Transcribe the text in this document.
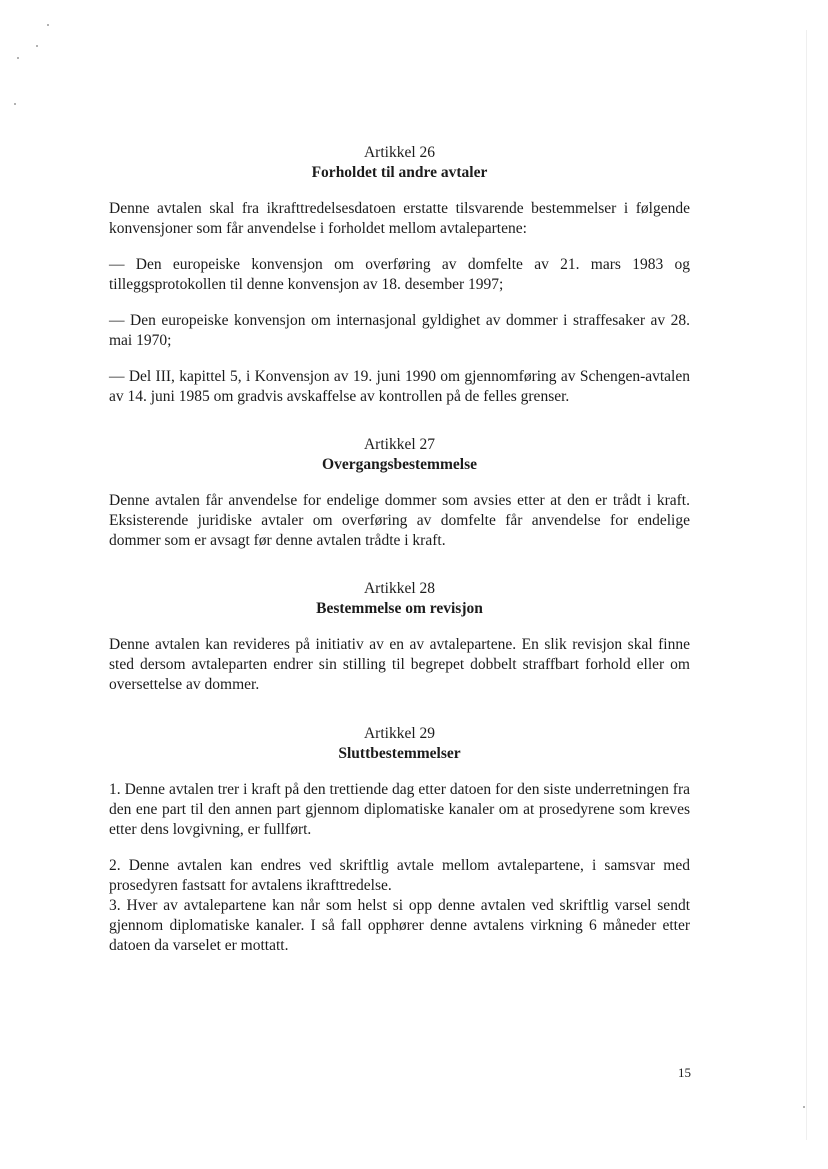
Artikkel 26

Forholdet til andre avtaler

Denne avtalen skal fra ikrafttredelsesdatoen erstatte tilsvarende bestemmelser i følgende konvensjoner som får anvendelse i forholdet mellom avtalepartene:

— Den europeiske konvensjon om overføring av domfelte av 21. mars 1983 og tilleggsprotokollen til denne konvensjon av 18. desember 1997;

— Den europeiske konvensjon om internasjonal gyldighet av dommer i straffesaker av 28. mai 1970;

— Del III, kapittel 5, i Konvensjon av 19. juni 1990 om gjennomføring av Schengen-avtalen av 14. juni 1985 om gradvis avskaffelse av kontrollen på de felles grenser.

Artikkel 27

Overgangsbestemmelse

Denne avtalen får anvendelse for endelige dommer som avsies etter at den er trådt i kraft. Eksisterende juridiske avtaler om overføring av domfelte får anvendelse for endelige dommer som er avsagt før denne avtalen trådte i kraft.

Artikkel 28

Bestemmelse om revisjon

Denne avtalen kan revideres på initiativ av en av avtalepartene. En slik revisjon skal finne sted dersom avtaleparten endrer sin stilling til begrepet dobbelt straffbart forhold eller om oversettelse av dommer.

Artikkel 29

Sluttbestemmelser

1. Denne avtalen trer i kraft på den trettiende dag etter datoen for den siste underretningen fra den ene part til den annen part gjennom diplomatiske kanaler om at prosedyrene som kreves etter dens lovgivning, er fullført.

2. Denne avtalen kan endres ved skriftlig avtale mellom avtalepartene, i samsvar med prosedyren fastsatt for avtalens ikrafttredelse.

3. Hver av avtalepartene kan når som helst si opp denne avtalen ved skriftlig varsel sendt gjennom diplomatiske kanaler. I så fall opphører denne avtalens virkning 6 måneder etter datoen da varselet er mottatt.

15
